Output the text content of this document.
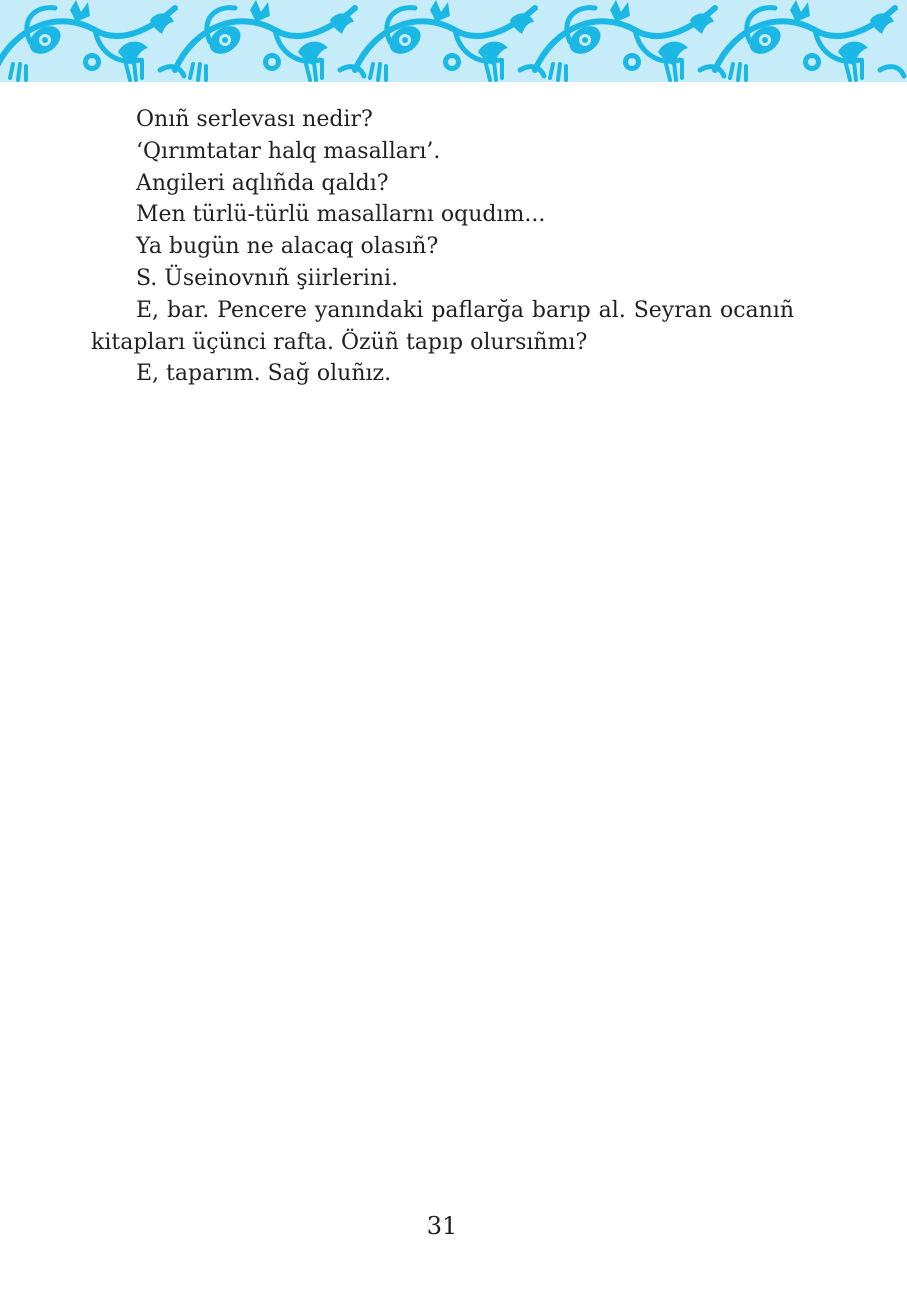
Onıñ serlevası nedir?

‘Qırımtatar halq masalları’.

Angileri aqlıñda qaldı?

Men türlü-türlü masallarnı oqudım...

Ya bugün ne alacaq olasıñ?

S. Üseinovnıñ şiirlerini.

E, bar. Pencere yanındaki paflarğa barıp al. Seyran ocanıñ kitapları üçünci rafta. Özüñ tapıp olursıñmı?

E, taparım. Sağ oluñız.

31
